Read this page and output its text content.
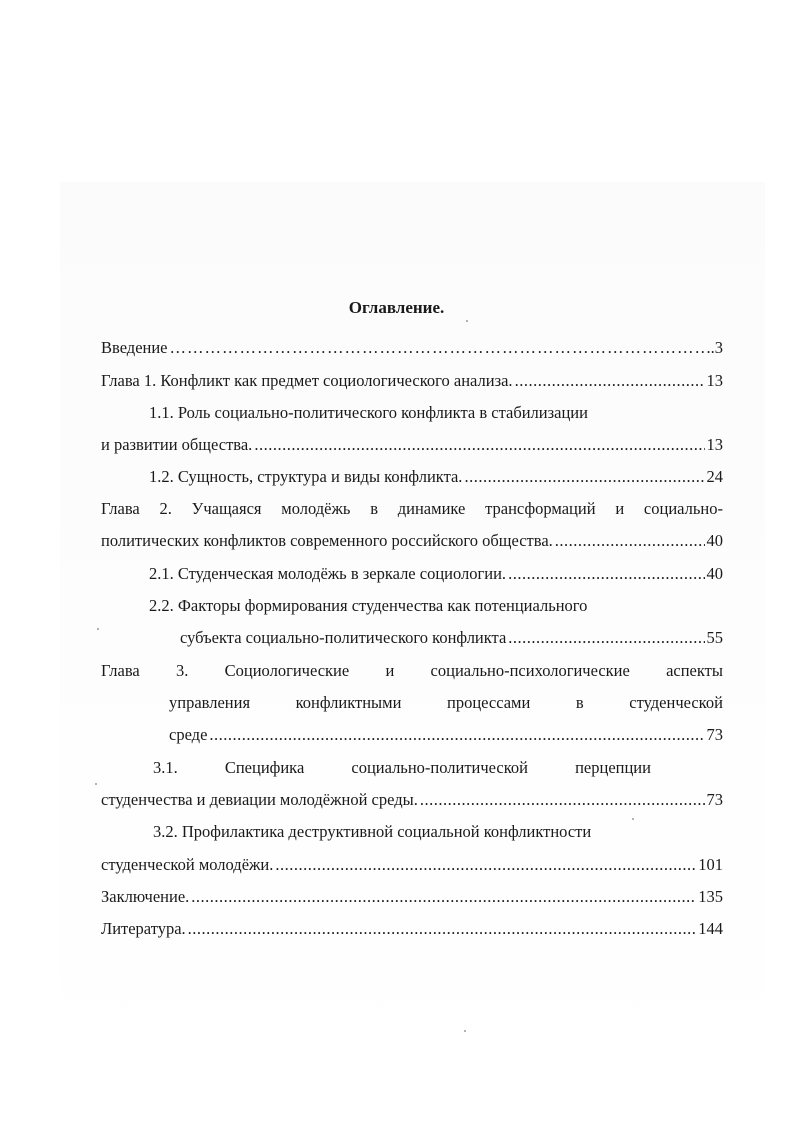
Оглавление.
Введение …………………………………………………………………………………………………………………………………………………	..3
Глава 1. Конфликт как предмет социологического анализа. .....	13
1.1. Роль социально-политического конфликта в стабилизации
и развитии общества. .....	13
1.2. Сущность, структура и виды конфликта. .....	24
Глава 2. Учащаяся молодёжь в динамике трансформаций и социально-
политических конфликтов современного российского общества. .....	40
2.1. Студенческая молодёжь в зеркале социологии. .....	40
2.2. Факторы формирования студенчества как потенциального
субъекта социально-политического конфликта .....	55
Глава 3. Социологические и социально-психологические аспекты
управления	конфликтными	процессами	в	студенческой
среде .....	73
3.1.	Специфика	социально-политической	перцепции
студенчества и девиации молодёжной среды. .....	73
3.2. Профилактика деструктивной социальной конфликтности
студенческой молодёжи. .....	101
Заключение. .....	135
Литература. .....	144
